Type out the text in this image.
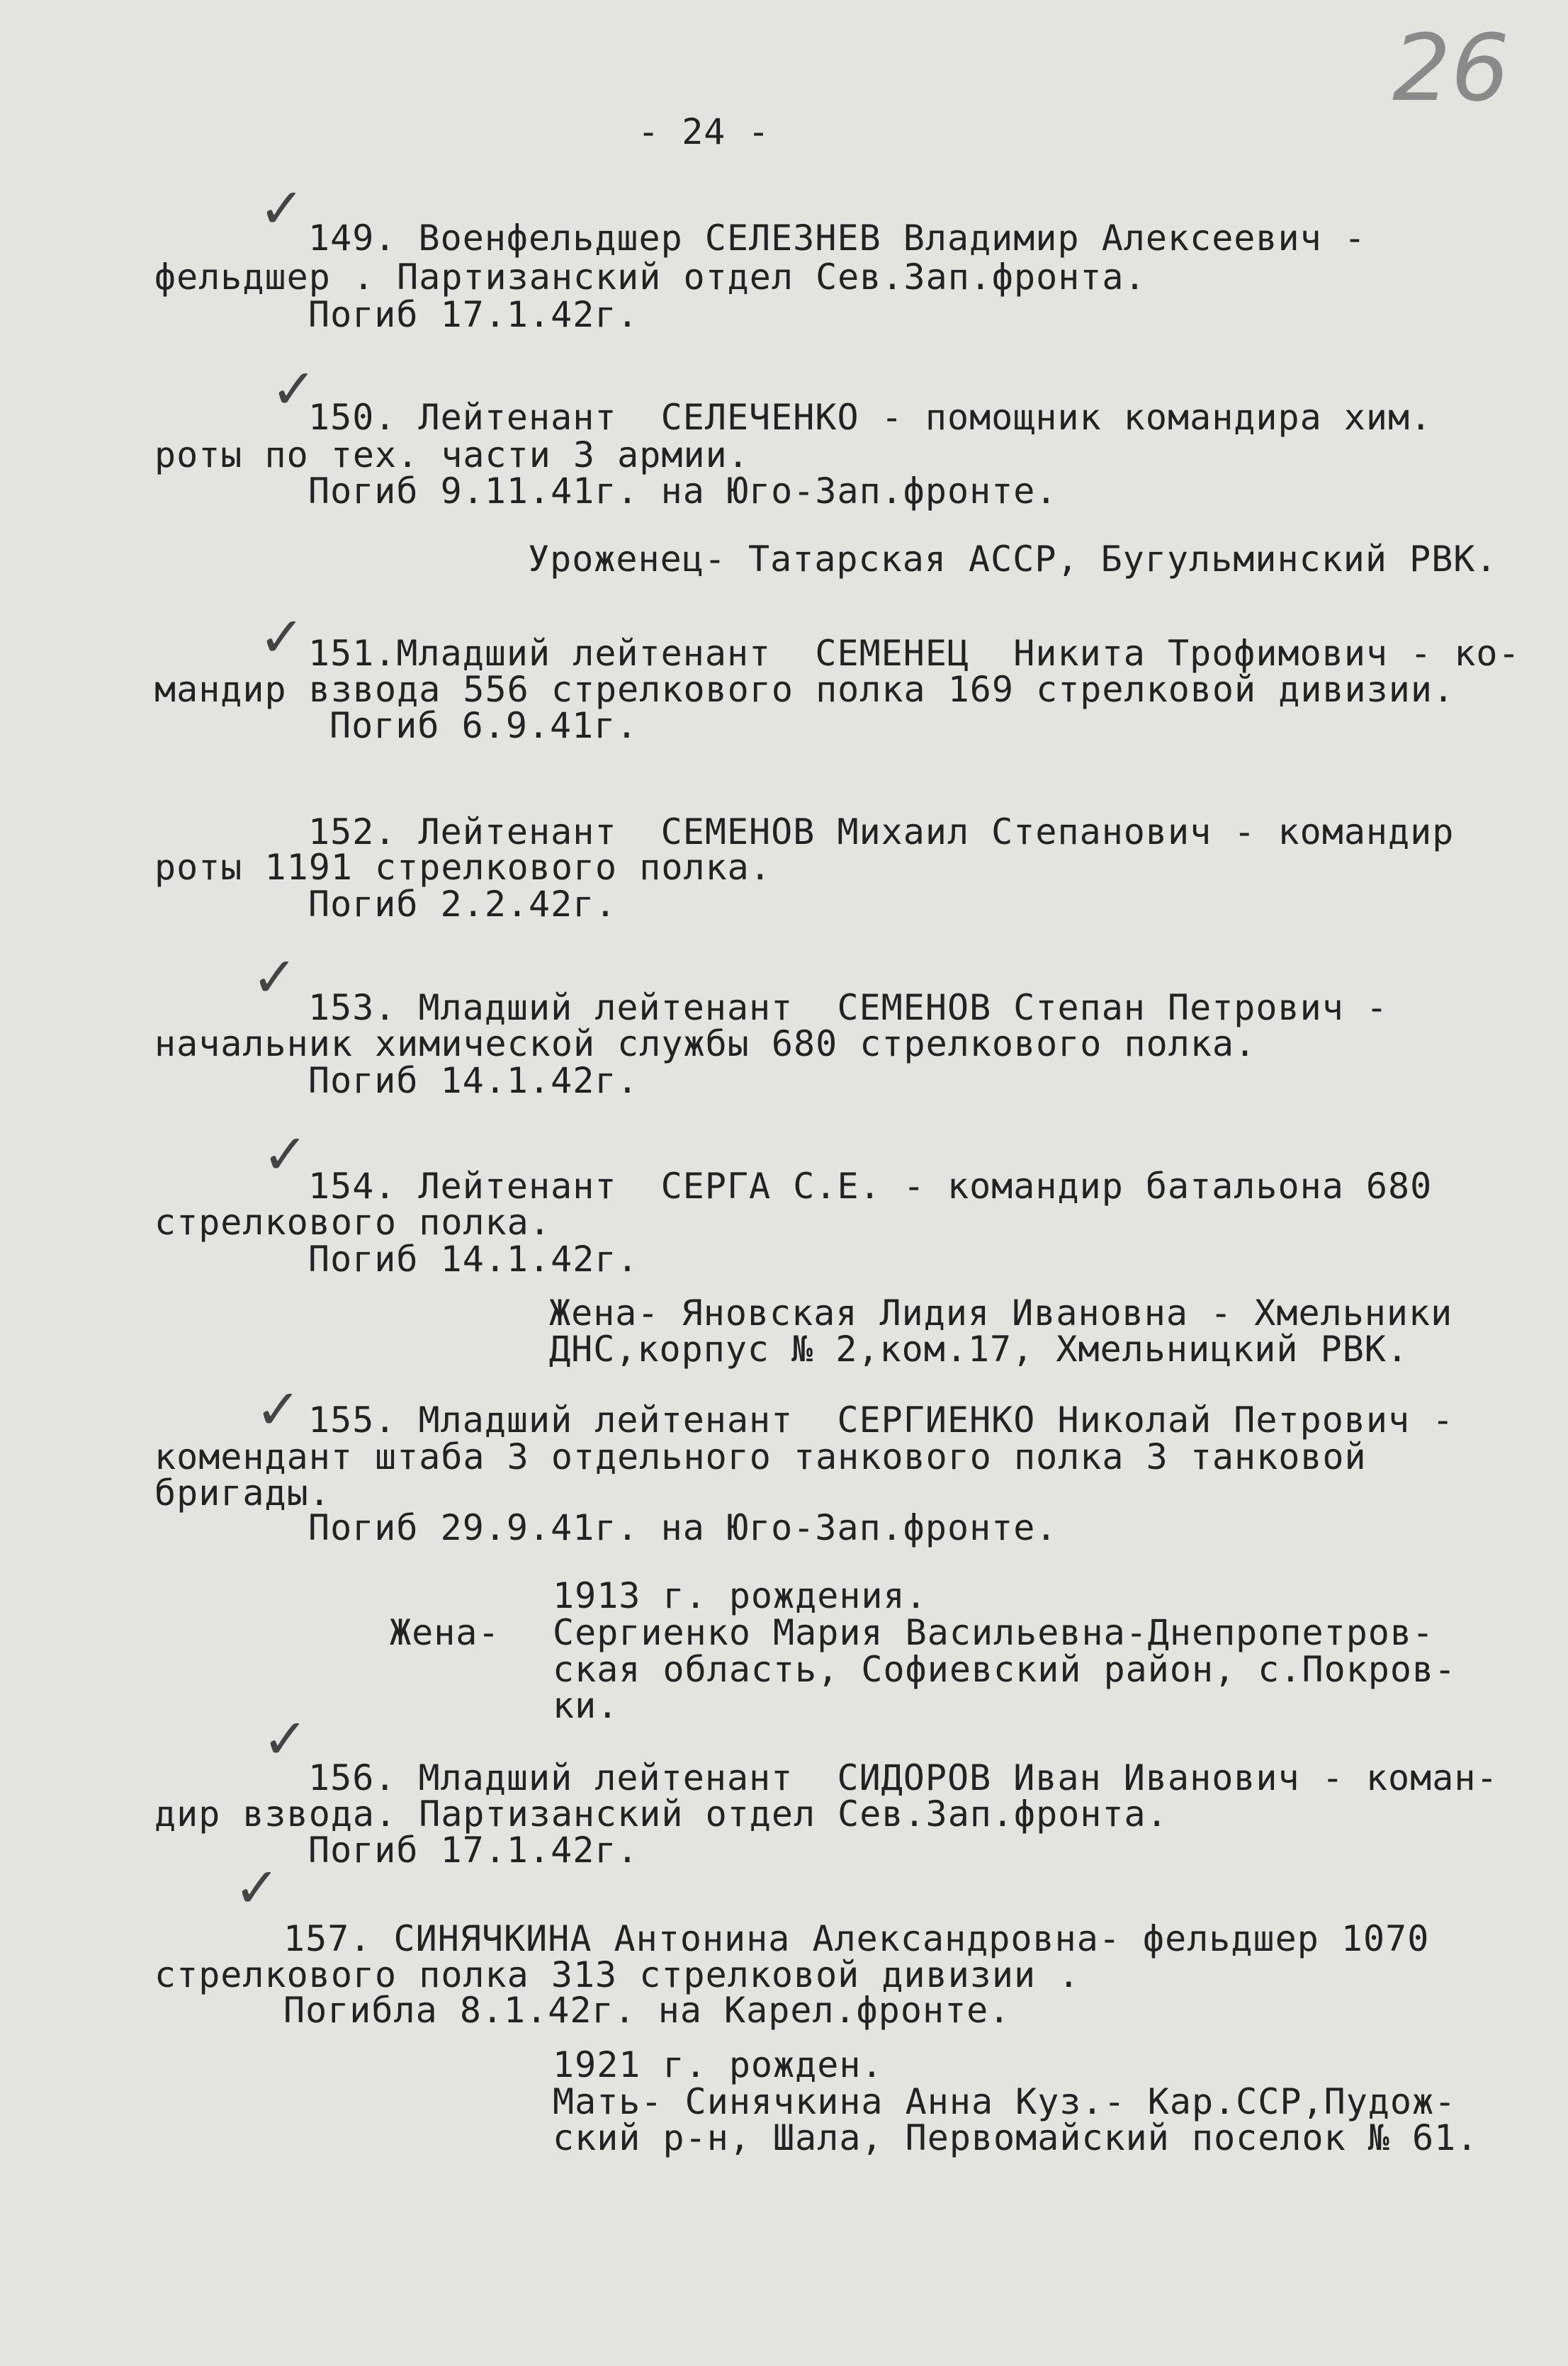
26
- 24 -
✓ 149. Военфельдшер СЕЛЕЗНЕВ Владимир Алексеевич -
фельдшер . Партизанский отдел Сев.Зап.фронта.
Погиб 17.1.42г.
✓
150. Лейтенант  СЕЛЕЧЕНКО - помощник командира хим.
роты по тех. части 3 армии.
Погиб 9.11.41г. на Юго-Зап.фронте.
Уроженец- Татарская АССР, Бугульминский РВК.
✓ 151.Младший лейтенант  СЕМЕНЕЦ  Никита Трофимович - ко-
мандир взвода 556 стрелкового полка 169 стрелковой дивизии.
Погиб 6.9.41г.
152. Лейтенант  СЕМЕНОВ Михаил Степанович - командир
роты 1191 стрелкового полка.
Погиб 2.2.42г.
✓ 153. Младший лейтенант  СЕМЕНОВ Степан Петрович -
начальник химической службы 680 стрелкового полка.
Погиб 14.1.42г.
✓ 154. Лейтенант  СЕРГА С.Е. - командир батальона 680
стрелкового полка.
Погиб 14.1.42г.
Жена- Яновская Лидия Ивановна - Хмельники
ДНС,корпус № 2,ком.17, Хмельницкий РВК.
✓ 155. Младший лейтенант  СЕРГИЕНКО Николай Петрович -
комендант штаба 3 отдельного танкового полка 3 танковой
бригады.
Погиб 29.9.41г. на Юго-Зап.фронте.
1913 г. рождения.
Жена- Сергиенко Мария Васильевна-Днепропетров-
ская область, Софиевский район, с.Покров-
ки.
✓
156. Младший лейтенант  СИДОРОВ Иван Иванович - коман-
дир взвода. Партизанский отдел Сев.Зап.фронта.
Погиб 17.1.42г.
✓
157. СИНЯЧКИНА Антонина Александровна- фельдшер 1070
стрелкового полка 313 стрелковой дивизии .
Погибла 8.1.42г. на Карел.фронте.
1921 г. рожден.
Мать- Синячкина Анна Куз.- Кар.ССР,Пудож-
ский р-н, Шала, Первомайский поселок № 61.
